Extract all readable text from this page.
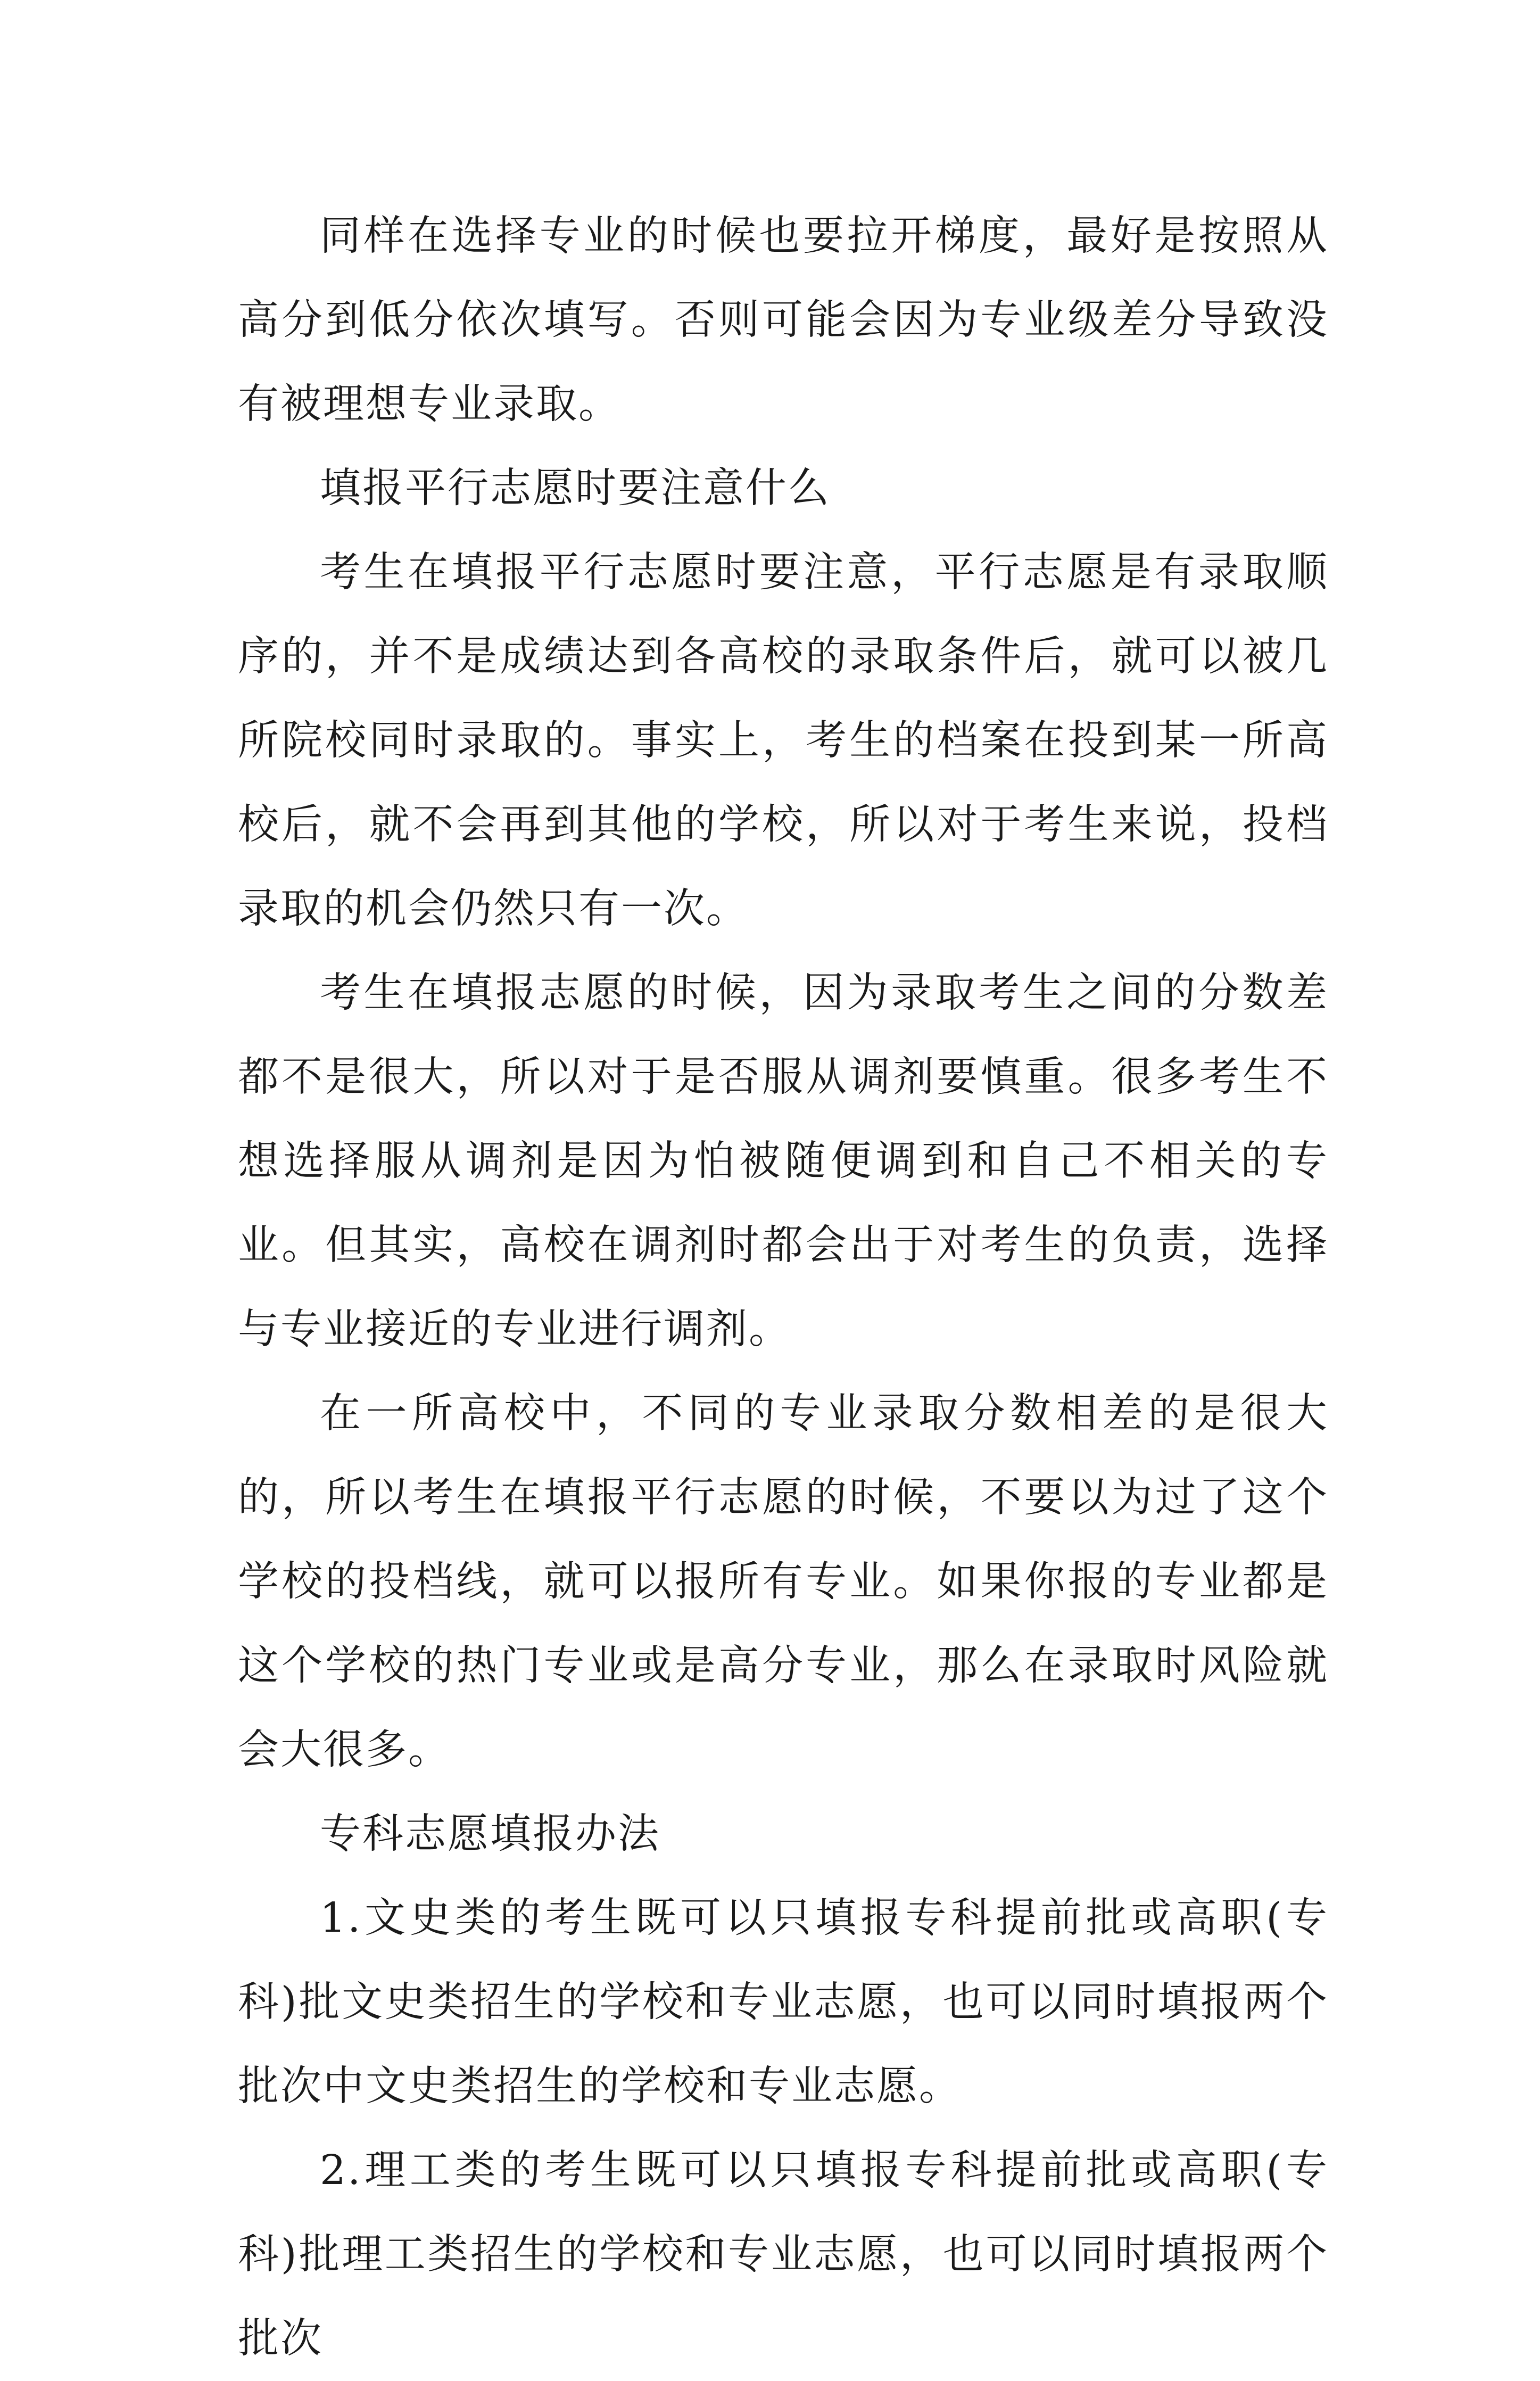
同样在选择专业的时候也要拉开梯度，最好是按照从高分到低分依次填写。否则可能会因为专业级差分导致没有被理想专业录取。

填报平行志愿时要注意什么

考生在填报平行志愿时要注意，平行志愿是有录取顺序的，并不是成绩达到各高校的录取条件后，就可以被几所院校同时录取的。事实上，考生的档案在投到某一所高校后，就不会再到其他的学校，所以对于考生来说，投档录取的机会仍然只有一次。

考生在填报志愿的时候，因为录取考生之间的分数差都不是很大，所以对于是否服从调剂要慎重。很多考生不想选择服从调剂是因为怕被随便调到和自己不相关的专业。但其实，高校在调剂时都会出于对考生的负责，选择与专业接近的专业进行调剂。

在一所高校中，不同的专业录取分数相差的是很大的，所以考生在填报平行志愿的时候，不要以为过了这个学校的投档线，就可以报所有专业。如果你报的专业都是这个学校的热门专业或是高分专业，那么在录取时风险就会大很多。

专科志愿填报办法

1.文史类的考生既可以只填报专科提前批或高职(专科)批文史类招生的学校和专业志愿，也可以同时填报两个批次中文史类招生的学校和专业志愿。

2.理工类的考生既可以只填报专科提前批或高职(专科)批理工类招生的学校和专业志愿，也可以同时填报两个批次
